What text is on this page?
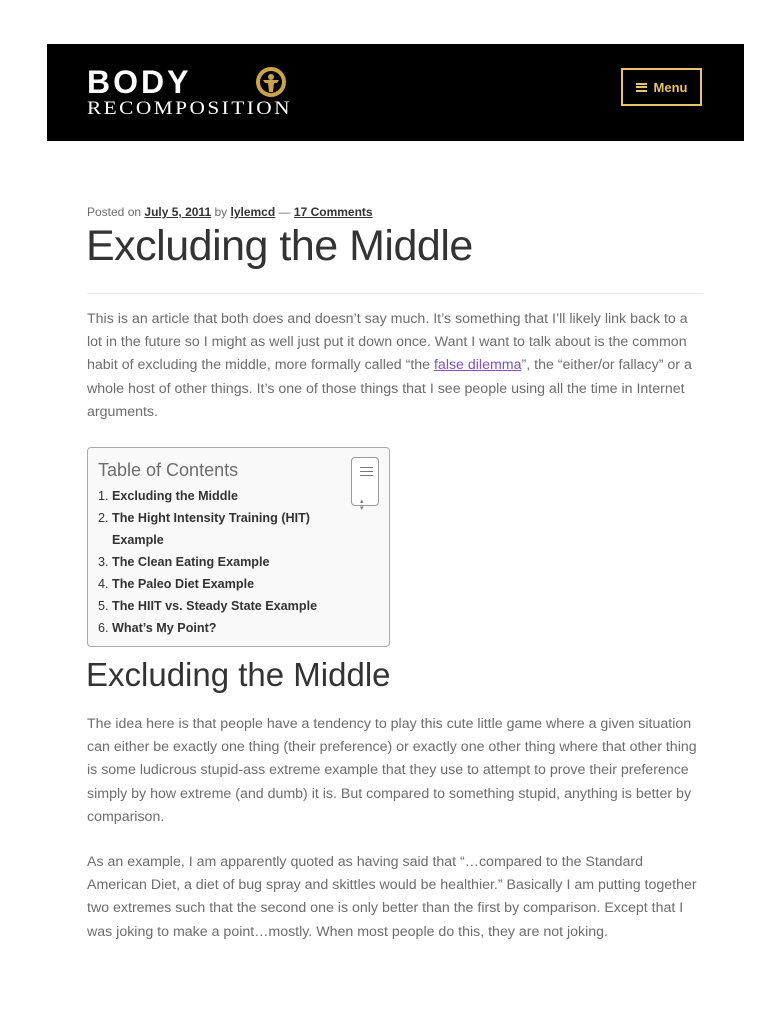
BODY
RECOMPOSITION
Menu
Posted on July 5, 2011 by lylemcd — 17 Comments
Excluding the Middle

This is an article that both does and doesn’t say much. It’s something that I’ll likely link back to a lot in the future so I might as well just put it down once. Want I want to talk about is the common habit of excluding the middle, more formally called “the false dilemma”, the “either/or fallacy” or a whole host of other things. It’s one of those things that I see people using all the time in Internet arguments.

Table of Contents
▴
▾
1. Excluding the Middle
2. The Hight Intensity Training (HIT) Example
3. The Clean Eating Example
4. The Paleo Diet Example
5. The HIIT vs. Steady State Example
6. What’s My Point?
Excluding the Middle

The idea here is that people have a tendency to play this cute little game where a given situation can either be exactly one thing (their preference) or exactly one other thing where that other thing is some ludicrous stupid-ass extreme example that they use to attempt to prove their preference simply by how extreme (and dumb) it is. But compared to something stupid, anything is better by comparison.

As an example, I am apparently quoted as having said that “…compared to the Standard American Diet, a diet of bug spray and skittles would be healthier.” Basically I am putting together two extremes such that the second one is only better than the first by comparison. Except that I was joking to make a point…mostly. When most people do this, they are not joking.
